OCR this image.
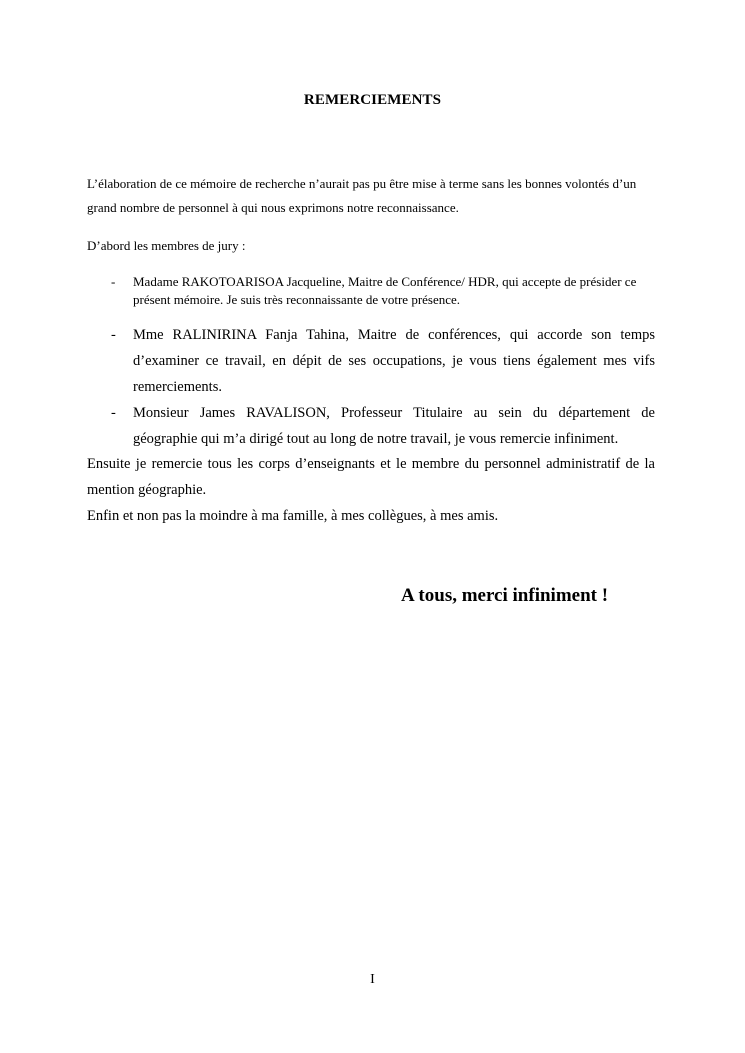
REMERCIEMENTS
L’élaboration de ce mémoire de recherche n’aurait pas pu être mise à terme sans les bonnes volontés d’un grand nombre de personnel à qui nous exprimons notre reconnaissance.
D’abord les membres de jury :
- Madame RAKOTOARISOA Jacqueline, Maitre de Conférence/ HDR, qui accepte de présider ce présent mémoire. Je suis très reconnaissante de votre présence.
- Mme RALINIRINA Fanja Tahina, Maitre de conférences, qui accorde son temps d’examiner ce travail, en dépit de ses occupations, je vous tiens également mes vifs remerciements.
- Monsieur James RAVALISON, Professeur Titulaire au sein du département de géographie qui m’a dirigé tout au long de notre travail, je vous remercie infiniment.
Ensuite je remercie tous les corps d’enseignants et le membre du personnel administratif de la mention géographie.
Enfin et non pas la moindre à ma famille, à mes collègues, à mes amis.
A tous, merci infiniment !
I
